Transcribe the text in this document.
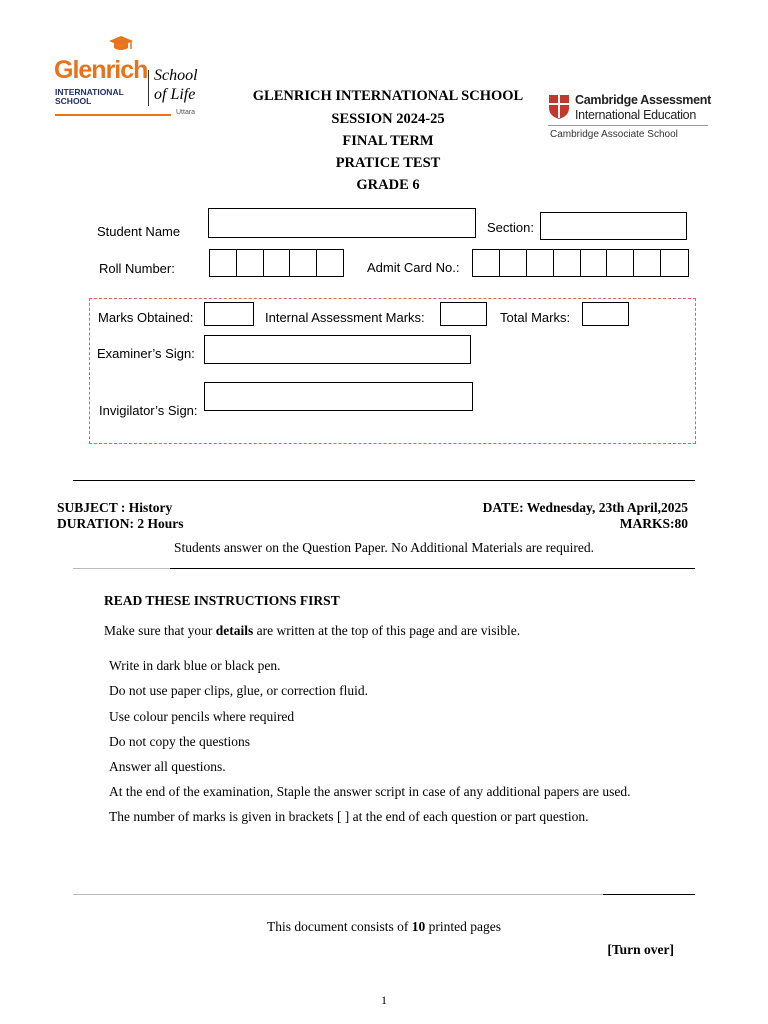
Glenrich
INTERNATIONAL
SCHOOL
School
of Life
Uttara
GLENRICH INTERNATIONAL SCHOOL
SESSION 2024-25
FINAL TERM
PRATICE TEST
GRADE 6
Cambridge Assessment
International Education
Cambridge Associate School
Student Name	Section:
Roll Number:	Admit Card No.:
Marks Obtained:	Internal Assessment Marks:	Total Marks:
Examiner’s Sign:
Invigilator’s Sign:
SUBJECT : History
DURATION: 2 Hours
DATE: Wednesday, 23th April,2025
MARKS:80
Students answer on the Question Paper. No Additional Materials are required.
READ THESE INSTRUCTIONS FIRST
Make sure that your details are written at the top of this page and are visible.
Write in dark blue or black pen.
Do not use paper clips, glue, or correction fluid.
Use colour pencils where required
Do not copy the questions
Answer all questions.
At the end of the examination, Staple the answer script in case of any additional papers are used.
The number of marks is given in brackets [ ] at the end of each question or part question.
This document consists of 10 printed pages
[Turn over]
1
